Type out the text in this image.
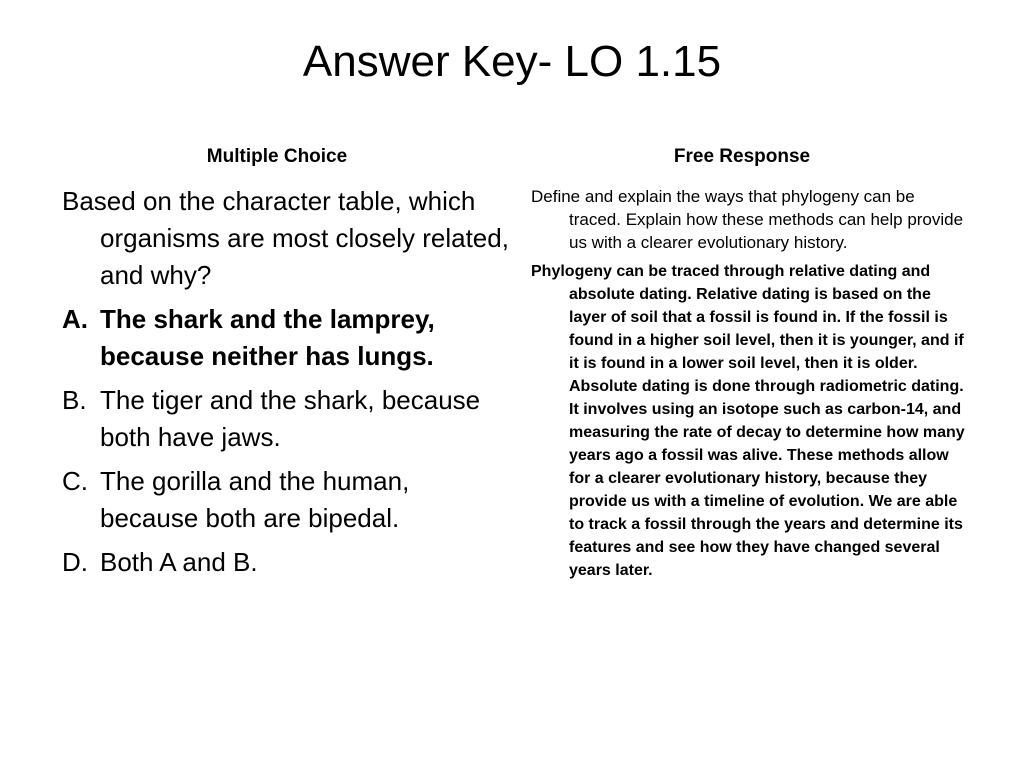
Answer Key- LO 1.15
Multiple Choice	Free Response

Based on the character table, which organisms are most closely related, and why?

A. The shark and the lamprey, because neither has lungs.
B. The tiger and the shark, because both have jaws.
C. The gorilla and the human, because both are bipedal.
D. Both A and B.

Define and explain the ways that phylogeny can be traced. Explain how these methods can help provide us with a clearer evolutionary history.

Phylogeny can be traced through relative dating and absolute dating. Relative dating is based on the layer of soil that a fossil is found in. If the fossil is found in a higher soil level, then it is younger, and if it is found in a lower soil level, then it is older. Absolute dating is done through radiometric dating. It involves using an isotope such as carbon-14, and measuring the rate of decay to determine how many years ago a fossil was alive. These methods allow for a clearer evolutionary history, because they provide us with a timeline of evolution. We are able to track a fossil through the years and determine its features and see how they have changed several years later.
